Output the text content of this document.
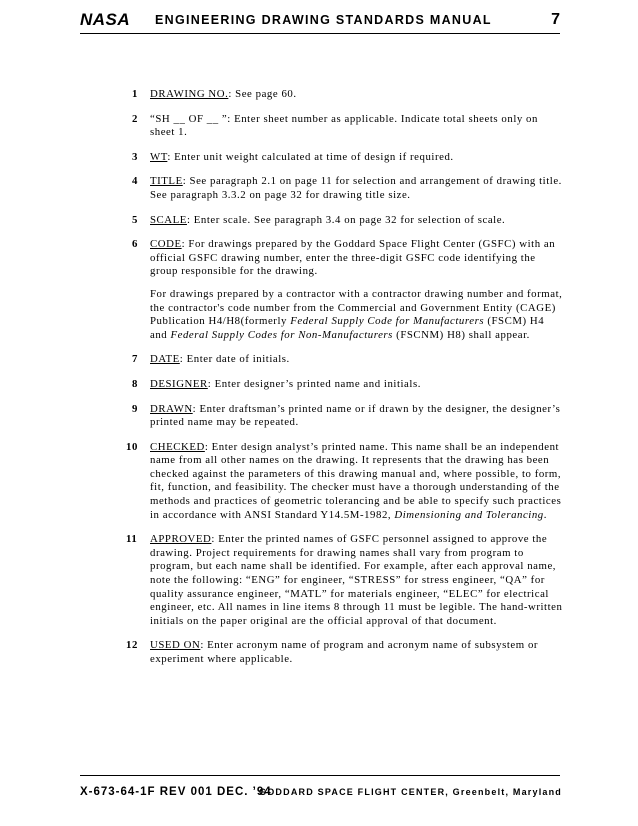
NASA ENGINEERING DRAWING STANDARDS MANUAL	7
1 DRAWING NO.: See page 60.
2 “SH __ OF __ ”: Enter sheet number as applicable. Indicate total sheets only on sheet 1.
3 WT: Enter unit weight calculated at time of design if required.
4 TITLE: See paragraph 2.1 on page 11 for selection and arrangement of drawing title. See paragraph 3.3.2 on page 32 for drawing title size.
5 SCALE: Enter scale. See paragraph 3.4 on page 32 for selection of scale.
6 CODE: For drawings prepared by the Goddard Space Flight Center (GSFC) with an official GSFC drawing number, enter the three-digit GSFC code identifying the group responsible for the drawing.
For drawings prepared by a contractor with a contractor drawing number and format, the contractor's code number from the Commercial and Government Entity (CAGE) Publication H4/H8(formerly Federal Supply Code for Manufacturers (FSCM) H4 and Federal Supply Codes for Non-Manufacturers (FSCNM) H8) shall appear.
7 DATE: Enter date of initials.
8 DESIGNER: Enter designer’s printed name and initials.
9 DRAWN: Enter draftsman’s printed name or if drawn by the designer, the designer’s printed name may be repeated.
10 CHECKED: Enter design analyst’s printed name. This name shall be an independent name from all other names on the drawing. It represents that the drawing has been checked against the parameters of this drawing manual and, where possible, to form, fit, function, and feasibility. The checker must have a thorough understanding of the methods and practices of geometric tolerancing and be able to specify such practices in accordance with ANSI Standard Y14.5M-1982, Dimensioning and Tolerancing.
11 APPROVED: Enter the printed names of GSFC personnel assigned to approve the drawing. Project requirements for drawing names shall vary from program to program, but each name shall be identified. For example, after each approval name, note the following: “ENG” for engineer, “STRESS” for stress engineer, “QA” for quality assurance engineer, “MATL” for materials engineer, “ELEC” for electrical engineer, etc. All names in line items 8 through 11 must be legible. The hand-written initials on the paper original are the official approval of that document.
12 USED ON: Enter acronym name of program and acronym name of subsystem or experiment where applicable.
X-673-64-1F REV 001 DEC. ’94
GODDARD SPACE FLIGHT CENTER, Greenbelt, Maryland
